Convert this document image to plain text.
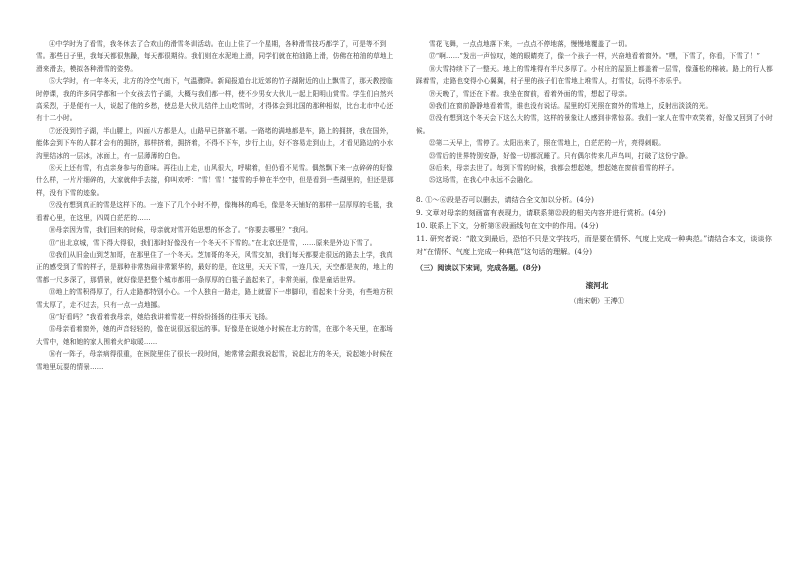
④中学时为了看雪，我冬休去了合欢山的滑雪冬训活动。在山上住了一个星期，各种滑雪技巧都学了，可是等不到雪。那些日子里，我每天都很焦躁，每天都很期待。我们则在水泥地上滑，同学们就在柏油路上滑，仿佛在柏油的草地上滑来滑去，模拟各种滑雪的姿势。

⑤大学时，有一年冬天，北方的冷空气南下，气温骤降。新闻报道台北近郊的竹子湖附近的山上飘雪了，那天教授临时停课，我的许多同学都和一个女孩去竹子湖，大概与我们都一样，使不少男女大伙儿一起上阳明山赏雪。学生们自然兴高采烈，于是便有一人，说起了他的乡愁，使总是大伙儿结伴上山吃雪时，才得体会到北国的那种相似，比台北市中心还有十二小时。

⑦还没到竹子湖，半山腰上，四面八方都是人，山路早已挤塞不堪。一路堵的满地都是车，路上的拥挤，我在国外，能体会到下车的人群才会有的拥挤，那样挤着，拥挤着，不得不下车，步行上山，好不容易走到山上，才看见路边的小水沟里结冰的一层冰，冰面上，有一层薄薄的白色。

⑧天上还有雪，有点亲身参与的意味。再往山上走，山风很大，呼啸着，但仍看不见雪。偶然飘下来一点碎碎的好像什么样，一片片细碎的，大家就伸手去接，仰叫欢呼：“雪！雪！”接雪的手伸在半空中，但是看到一些湖里的，但还是那样，没有下雪的迹象。

⑨没有想到真正的雪是这样下的。一连下了几个小时不停，像梅林的鸡毛，像是冬天铺好的那样一层厚厚的毛毯，我看着心里，在这里，四周白茫茫的……

⑩母亲因为雪，我们回来的时候，母亲就对雪开始思想的怀念了。“你要去哪里？”我问。

⑪“出北京城，雪下得大得很，我们那时好像没有一个冬天不下雪的。”在北京还是雪，……原来是外边下雪了。

⑫我们从旧金山到芝加哥，在那里住了一个冬天。芝加哥的冬天，风雪交加，我们每天都要走很远的路去上学，我真正的感受到了雪的样子，是那种非常热闹非常繁华的，最好的是，在这里，天天下雪，一连几天，天空都是灰的，地上的雪都一尺多深了，那情景，就好像是把整个城市都用一条厚厚的白毯子盖起来了，非常美丽，像是童话世界。

⑬地上的雪积得厚了，行人走路都特别小心。一个人独自一路走，路上就留下一串脚印，看起来十分美，有些地方积雪太厚了，走不过去，只有一点一点地挪。

⑭“好看吗？”我看着我母亲，她给我讲着雪花一样纷纷扬扬的往事天飞扬。

⑮母亲看着窗外，她的声音轻轻的，像在说很远很远的事。好像是在说她小时候在北方的雪，在那个冬天里，在那场大雪中，她和她的家人围着火炉取暖……

⑯有一阵子，母亲病得很重，在医院里住了很长一段时间，她常常会跟我说起雪，说起北方的冬天，说起她小时候在雪地里玩耍的情景……

雪花飞舞，一点点地落下来，一点点不停地落，慢慢地覆盖了一切。

⑰“啊……”发出一声惊叹，她的眼睛亮了，像一个孩子一样，兴奋地看着窗外。“嘿，下雪了，你看，下雪了！”

⑱大雪持续下了一整天。地上的雪堆得有半尺多厚了。小村庄的屋顶上都盖着一层雪，像蓬松的棉被。路上的行人都踩着雪，走路也变得小心翼翼，村子里的孩子们在雪地上堆雪人，打雪仗，玩得不亦乐乎。

⑲天晚了，雪还在下着。我坐在窗前，看着外面的雪，想起了母亲。

⑳我们在窗前静静地看着雪，谁也没有说话。屋里的灯光照在窗外的雪地上，反射出淡淡的光。

㉑没有想到这个冬天会下这么大的雪，这样的景象让人感到非常惊喜。我们一家人在雪中欢笑着，好像又回到了小时候。

㉒第二天早上，雪停了。太阳出来了，照在雪地上，白茫茫的一片，亮得刺眼。

㉓雪后的世界特别安静，好像一切都沉睡了。只有偶尔传来几声鸟叫，打破了这份宁静。

㉔后来，母亲去世了。每到下雪的时候，我都会想起她，想起她在窗前看雪的样子。

㉕这场雪，在我心中永远不会融化。

8. ①～⑥段是否可以删去，请结合全文加以分析。(4分)

9. 文章对母亲的刻画富有表现力，请联系第㉒段的相关内容并进行赏析。(4分)

10. 联系上下文，分析第⑧段画线句在文中的作用。(4分)

11. 研究者说：“散文到最后，恐怕不只是文学技巧，而是要在情怀、气度上完成一种典范。”请结合本文，谈谈你对“在情怀、气度上完成一种典范”这句话的理解。(4分)

（三）阅读以下宋词，完成各题。(8分)

滚河北

（南宋朝）王溥①
